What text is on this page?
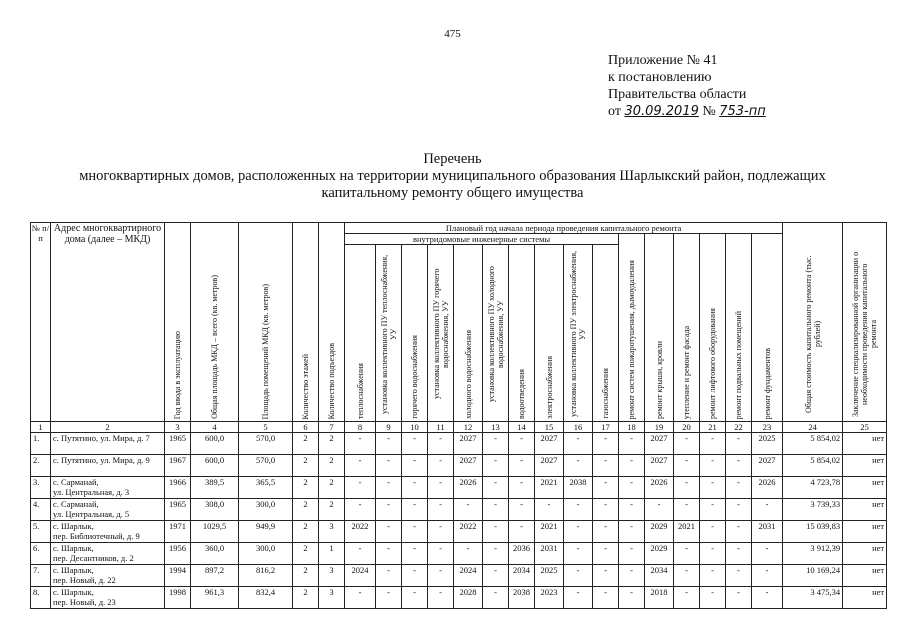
475
Приложение № 41
к постановлению
Правительства области
от 30.09.2019 № 753-пп
Перечень
многоквартирных домов, расположенных на территории муниципального образования Шарлыкский район, подлежащих
капитальному ремонту общего имущества
№ п/п	Адрес многоквартирного дома (далее – МКД)	Год ввода в эксплуатацию	Общая площадь МКД – всего (кв. метров)	Площадь помещений МКД (кв. метров)	Количество этажей	Количество подъездов	Плановый год начала периода проведения капитального ремонта																Общая стоимость капитального ремонта (тыс. рублей)	Заключение специализированной организации о необходимости проведения капитального ремонта
							внутридомовые инженерные системы										ремонт систем пожаротушения, дымоудаления	ремонт крыши, кровли	утепление и ремонт фасада	ремонт лифтового оборудования	ремонт подвальных помещений	ремонт фундаментов		
							теплоснабжения	установка коллективного ПУ теплоснабжения, УУ	горячего водоснабжения	установка коллективного ПУ горячего водоснабжения, УУ	холодного водоснабжения	установка коллективного ПУ холодного водоснабжения, УУ	водоотведения	электроснабжения	установка коллективного ПУ электроснабжения, УУ	газоснабжения								
1	2	3	4	5	6	7	8	9	10	11	12	13	14	15	16	17	18	19	20	21	22	23	24	25
1.	с. Путятино, ул. Мира, д. 7	1965	600,0	570,0	2	2	-	-	-	-	2027	-	-	2027	-	-	-	2027	-	-	-	2025	5 854,02	нет
2.	с. Путятино, ул. Мира, д. 9	1967	600,0	570,0	2	2	-	-	-	-	2027	-	-	2027	-	-	-	2027	-	-	-	2027	5 854,02	нет
3.	с. Сарманай,
ул. Центральная, д. 3	1966	389,5	365,5	2	2	-	-	-	-	2026	-	-	2021	2038	-	-	2026	-	-	-	2026	4 723,78	нет
4.	с. Сарманай,
ул. Центральная, д. 5	1965	308,0	300,0	2	2	-	-	-	-	-	-	-	-	-	-	-	-	-	-	-	-	3 739,33	нет
5.	с. Шарлык,
пер. Библиотечный, д. 9	1971	1029,5	949,9	2	3	2022	-	-	-	2022	-	-	2021	-	-	-	2029	2021	-	-	2031	15 039,83	нет
6.	с. Шарлык,
пер. Десантников, д. 2	1956	360,0	300,0	2	1	-	-	-	-	-	-	2036	2031	-	-	-	2029	-	-	-	-	3 912,39	нет
7.	с. Шарлык,
пер. Новый, д. 22	1994	897,2	816,2	2	3	2024	-	-	-	2024	-	2034	2025	-	-	-	2034	-	-	-	-	10 169,24	нет
8.	с. Шарлык,
пер. Новый, д. 23	1998	961,3	832,4	2	3	-	-	-	-	2028	-	2038	2023	-	-	-	2018	-	-	-	-	3 475,34	нет
